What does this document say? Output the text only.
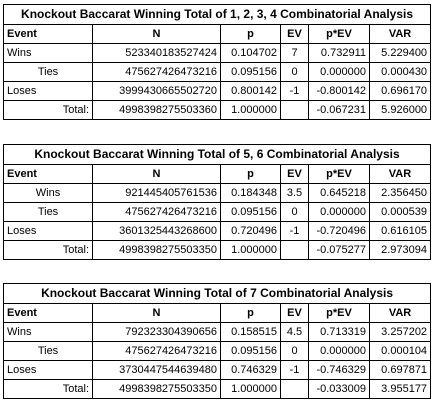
Knockout Baccarat Winning Total of 1, 2, 3, 4 Combinatorial Analysis					
Event	N	p	EV	p*EV	VAR
Wins	523340183527424	0.104702	7	0.732911	5.229400
Ties	475627426473216	0.095156	0	0.000000	0.000430
Loses	3999430665502720	0.800142	-1	-0.800142	0.696170
Total:	4998398275503360	1.000000		-0.067231	5.926000
Knockout Baccarat Winning Total of 5, 6 Combinatorial Analysis					
Event	N	p	EV	p*EV	VAR
Wins	921445405761536	0.184348	3.5	0.645218	2.356450
Ties	475627426473216	0.095156	0	0.000000	0.000539
Loses	3601325443268600	0.720496	-1	-0.720496	0.616105
Total:	4998398275503350	1.000000		-0.075277	2.973094
Knockout Baccarat Winning Total of 7 Combinatorial Analysis					
Event	N	p	EV	p*EV	VAR
Wins	792323304390656	0.158515	4.5	0.713319	3.257202
Ties	475627426473216	0.095156	0	0.000000	0.000104
Loses	3730447544639480	0.746329	-1	-0.746329	0.697871
Total:	4998398275503350	1.000000		-0.033009	3.955177
